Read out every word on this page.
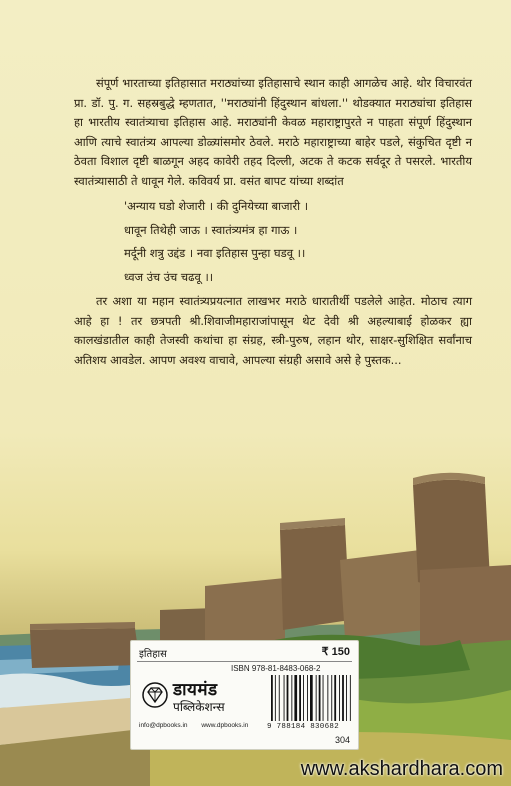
संपूर्ण भारताच्या इतिहासात मराठ्यांच्या इतिहासाचे स्थान काही आगळेच आहे. थोर विचारवंत प्रा. डॉ. पु. ग. सहस्रबुद्धे म्हणतात, ''मराठ्यांनी हिंदुस्थान बांधला.'' थोडक्यात मराठ्यांचा इतिहास हा भारतीय स्वातंत्र्याचा इतिहास आहे. मराठ्यांनी केवळ महाराष्ट्रापुरते न पाहता संपूर्ण हिंदुस्थान आणि त्याचे स्वातंत्र्य आपल्या डोळ्यांसमोर ठेवले. मराठे महाराष्ट्राच्या बाहेर पडले, संकुचित दृष्टी न ठेवता विशाल दृष्टी बाळगून अहद कावेरी तहद दिल्ली, अटक ते कटक सर्वदूर ते पसरले. भारतीय स्वातंत्र्यासाठी ते धावून गेले. कविवर्य प्रा. वसंत बापट यांच्या शब्दांत

'अन्याय घडो शेजारी । की दुनियेच्या बाजारी ।
धावून तिथेही जाऊ । स्वातंत्र्यमंत्र हा गाऊ ।
मर्दूनी शत्रु उद्दंड । नवा इतिहास पुन्हा घडवू ।।
ध्वज उंच उंच चढवू ।।

तर अशा या महान स्वातंत्र्यप्रयत्नात लाखभर मराठे धारातीर्थी पडलेले आहेत. मोठाच त्याग आहे हा ! तर छत्रपती श्री.शिवाजीमहाराजांपासून थेट देवी श्री अहल्याबाई होळकर ह्या कालखंडातील काही तेजस्वी कथांचा हा संग्रह, स्त्री-पुरुष, लहान थोर, साक्षर-सुशिक्षित सर्वांनाच अतिशय आवडेल. आपण अवश्य वाचावे, आपल्या संग्रही असावे असे हे पुस्तक...

इतिहास	₹ 150
ISBN 978-81-8483-068-2
डायमंड
पब्लिकेशन्स
info@dpbooks.in www.dpbooks.in	9 788184 830682
304
www.akshardhara.com
